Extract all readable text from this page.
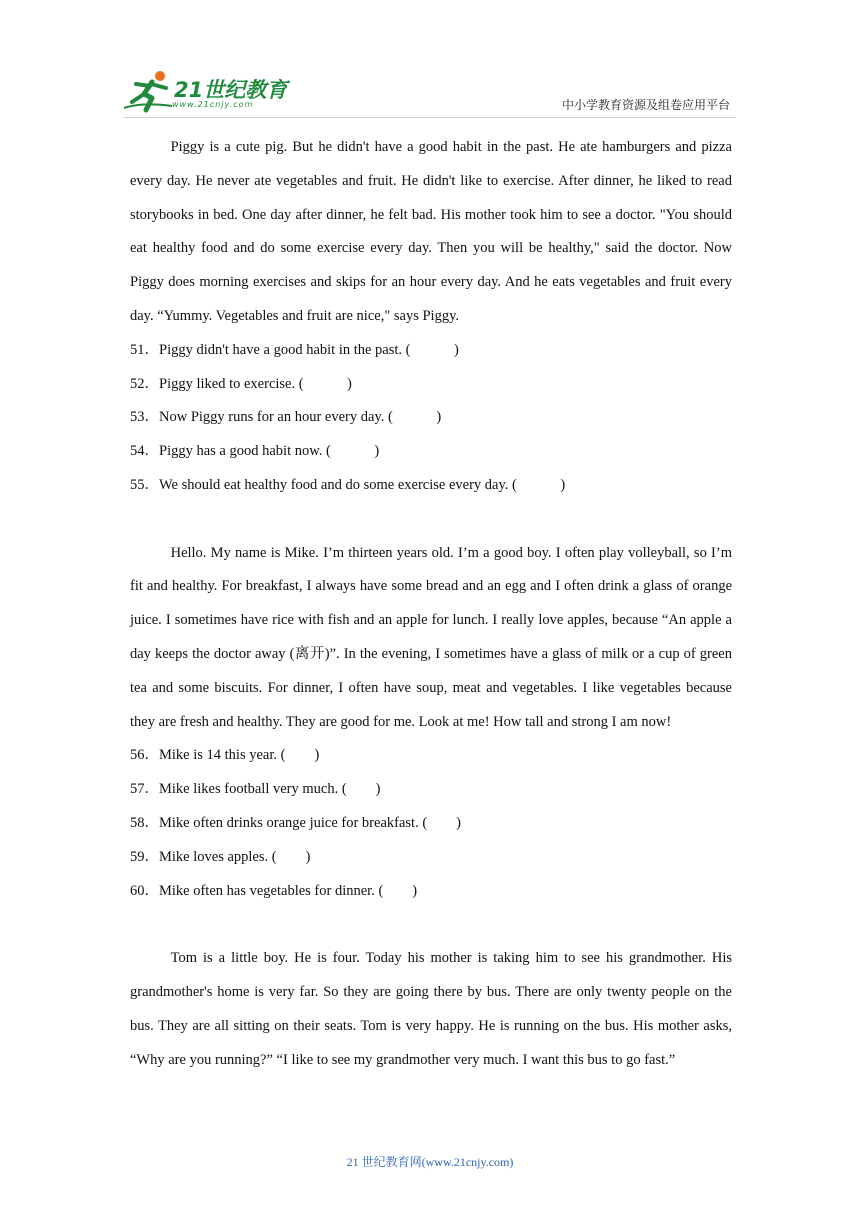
21世纪教育
www.21cnjy.com	中小学教育资源及组卷应用平台

Piggy is a cute pig. But he didn't have a good habit in the past. He ate hamburgers and pizza every day. He never ate vegetables and fruit. He didn't like to exercise. After dinner, he liked to read storybooks in bed. One day after dinner, he felt bad. His mother took him to see a doctor. "You should eat healthy food and do some exercise every day. Then you will be healthy," said the doctor. Now Piggy does morning exercises and skips for an hour every day. And he eats vegetables and fruit every day. “Yummy. Vegetables and fruit are nice," says Piggy.

51．Piggy didn't have a good habit in the past. (　　　)

52．Piggy liked to exercise. (　　　)

53．Now Piggy runs for an hour every day. (　　　)

54．Piggy has a good habit now. (　　　)

55．We should eat healthy food and do some exercise every day. (　　　)

Hello. My name is Mike. I’m thirteen years old. I’m a good boy. I often play volleyball, so I’m fit and healthy. For breakfast, I always have some bread and an egg and I often drink a glass of orange juice. I sometimes have rice with fish and an apple for lunch. I really love apples, because “An apple a day keeps the doctor away (离开)”. In the evening, I sometimes have a glass of milk or a cup of green tea and some biscuits. For dinner, I often have soup, meat and vegetables. I like vegetables because they are fresh and healthy. They are good for me. Look at me! How tall and strong I am now!

56．Mike is 14 this year. (　　)

57．Mike likes football very much. (　　)

58．Mike often drinks orange juice for breakfast. (　　)

59．Mike loves apples. (　　)

60．Mike often has vegetables for dinner. (　　)

Tom is a little boy. He is four. Today his mother is taking him to see his grandmother. His grandmother's home is very far. So they are going there by bus. There are only twenty people on the bus. They are all sitting on their seats. Tom is very happy. He is running on the bus. His mother asks, “Why are you running?” “I like to see my grandmother very much. I want this bus to go fast.”

21 世纪教育网(www.21cnjy.com)
